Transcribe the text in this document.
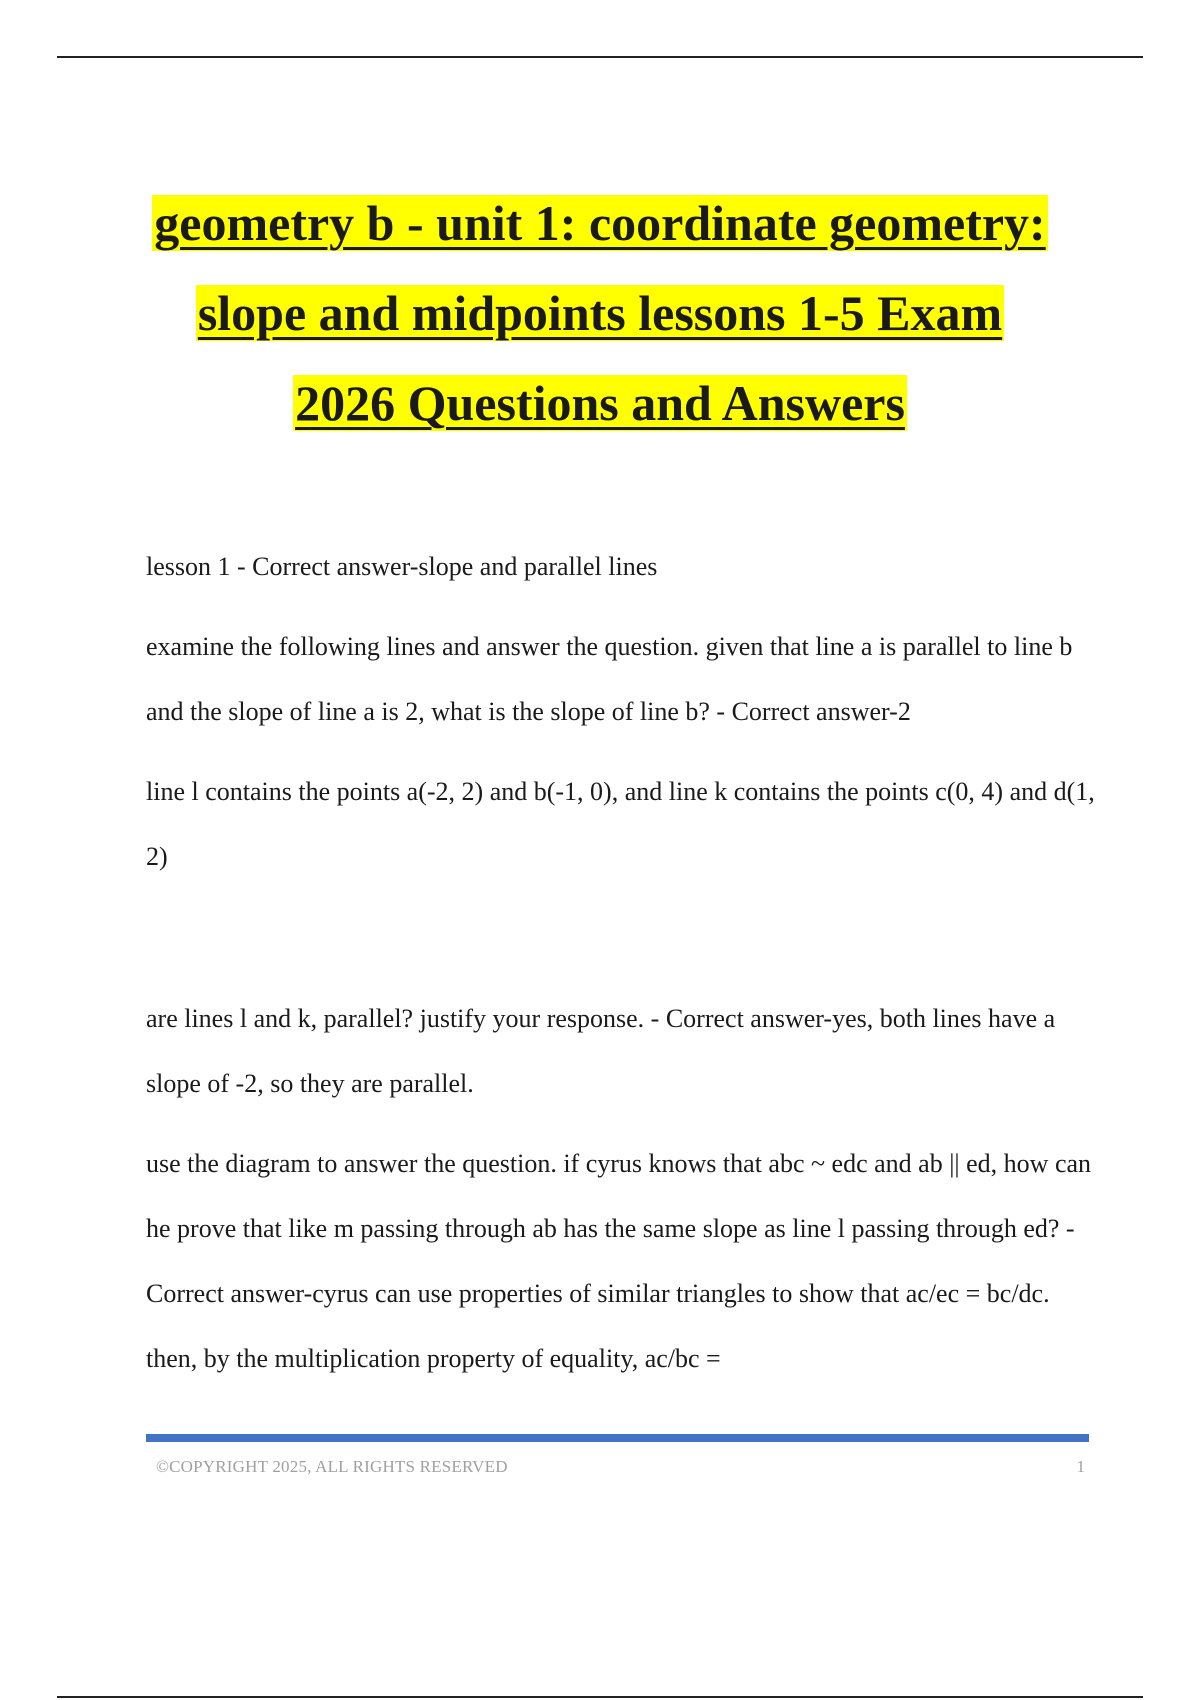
geometry b - unit 1: coordinate geometry:
slope and midpoints lessons 1-5 Exam
2026 Questions and Answers

lesson 1 - Correct answer-slope and parallel lines

examine the following lines and answer the question. given that line a is parallel to line b and the slope of line a is 2, what is the slope of line b? - Correct answer-2

line l contains the points a(-2, 2) and b(-1, 0), and line k contains the points c(0, 4) and d(1, 2)

are lines l and k, parallel? justify your response. - Correct answer-yes, both lines have a slope of -2, so they are parallel.

use the diagram to answer the question. if cyrus knows that abc ~ edc and ab || ed, how can he prove that like m passing through ab has the same slope as line l passing through ed? - Correct answer-cyrus can use properties of similar triangles to show that ac/ec = bc/dc. then, by the multiplication property of equality, ac/bc =

©COPYRIGHT 2025, ALL RIGHTS RESERVED	1
